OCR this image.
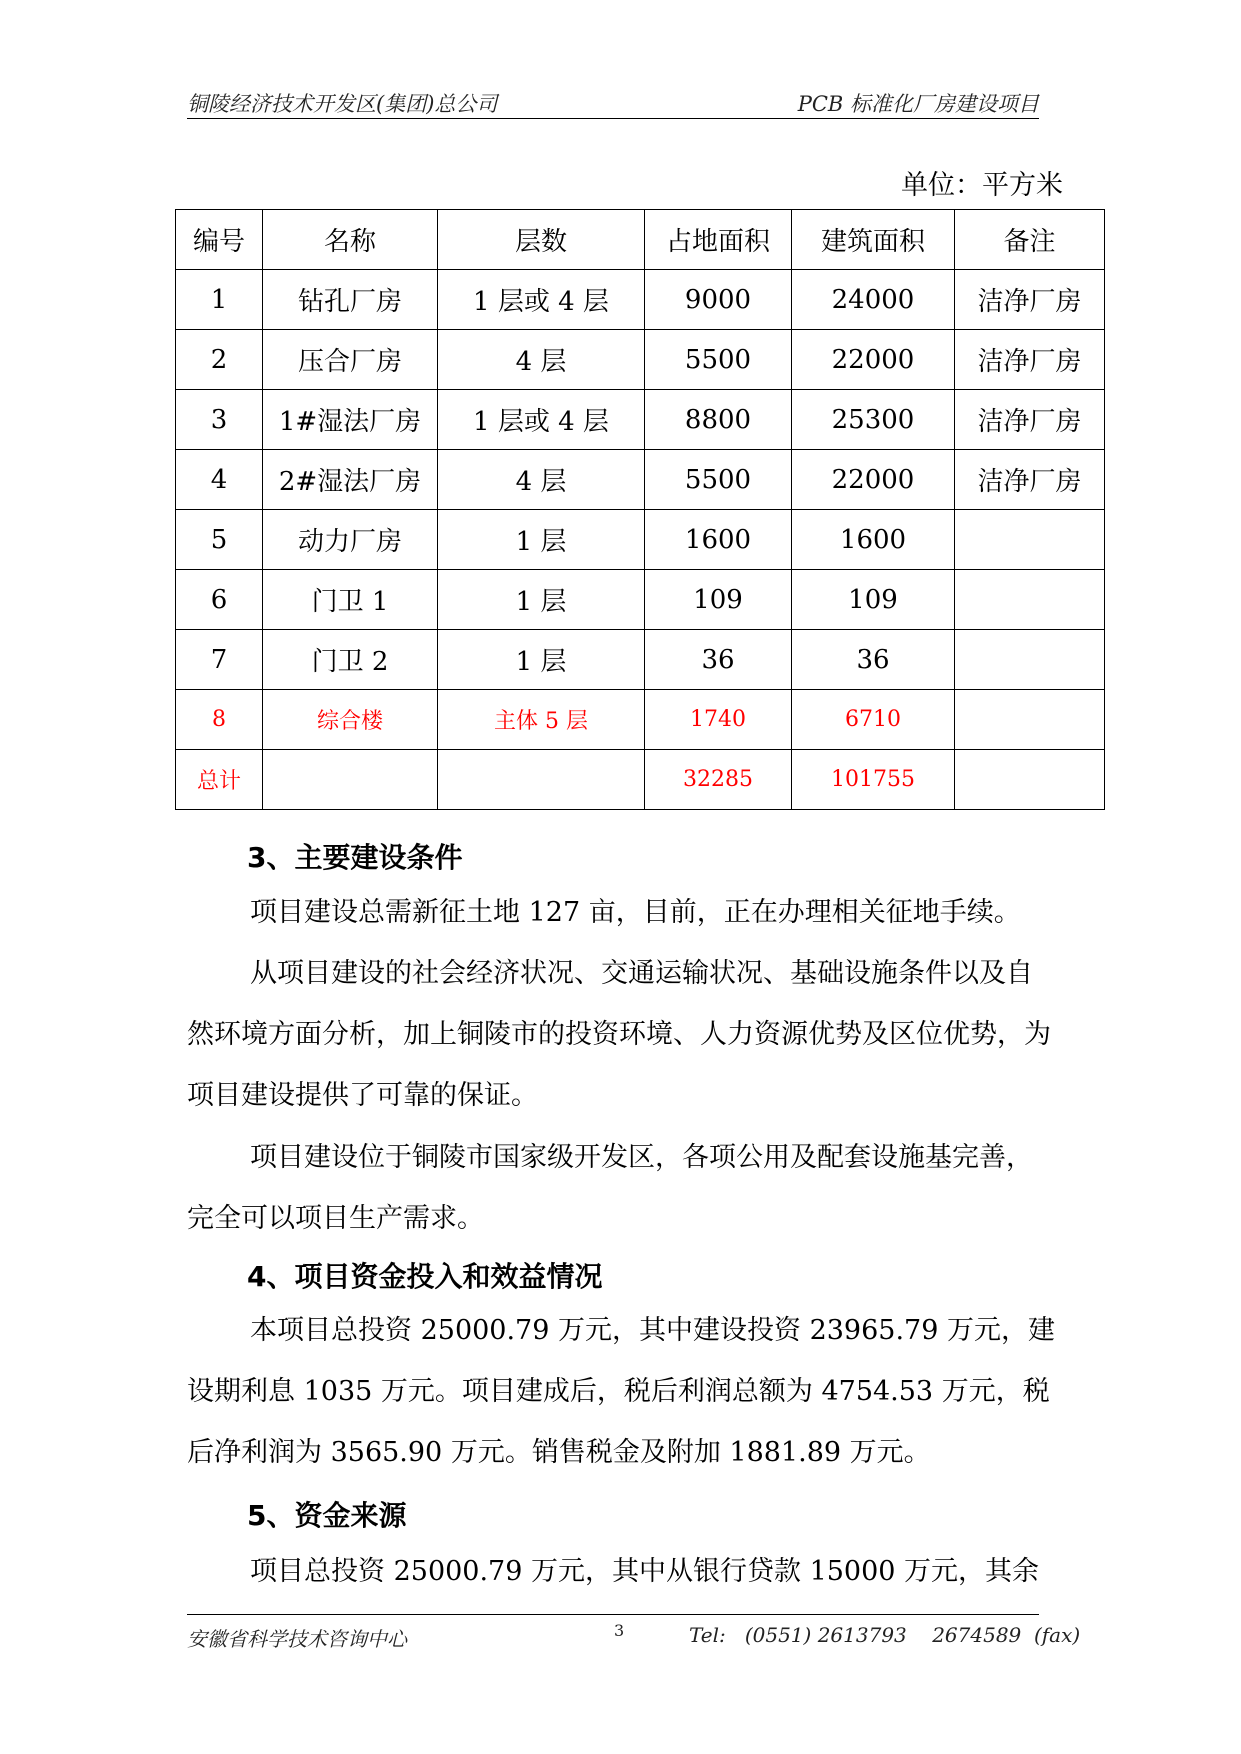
铜陵经济技术开发区(集团)总公司	PCB 标准化厂房建设项目
单位：平方米
编号	名称	层数	占地面积	建筑面积	备注
1	钻孔厂房	1 层或 4 层	9000	24000	洁净厂房
2	压合厂房	4 层	5500	22000	洁净厂房
3	1#湿法厂房	1 层或 4 层	8800	25300	洁净厂房
4	2#湿法厂房	4 层	5500	22000	洁净厂房
5	动力厂房	1 层	1600	1600	
6	门卫 1	1 层	109	109	
7	门卫 2	1 层	36	36	
8	综合楼	主体 5 层	1740	6710	
总计			32285	101755	
3、主要建设条件

项目建设总需新征土地 127 亩，目前，正在办理相关征地手续。

从项目建设的社会经济状况、交通运输状况、基础设施条件以及自然环境方面分析，加上铜陵市的投资环境、人力资源优势及区位优势，为项目建设提供了可靠的保证。

项目建设位于铜陵市国家级开发区，各项公用及配套设施基完善，完全可以项目生产需求。

4、项目资金投入和效益情况

本项目总投资 25000.79 万元，其中建设投资 23965.79 万元，建设期利息 1035 万元。项目建成后，税后利润总额为 4754.53 万元，税后净利润为 3565.90 万元。销售税金及附加 1881.89 万元。

5、资金来源

项目总投资 25000.79 万元，其中从银行贷款 15000 万元，其余

安徽省科学技术咨询中心	3	Tel:   (0551) 2613793    2674589  (fax)
